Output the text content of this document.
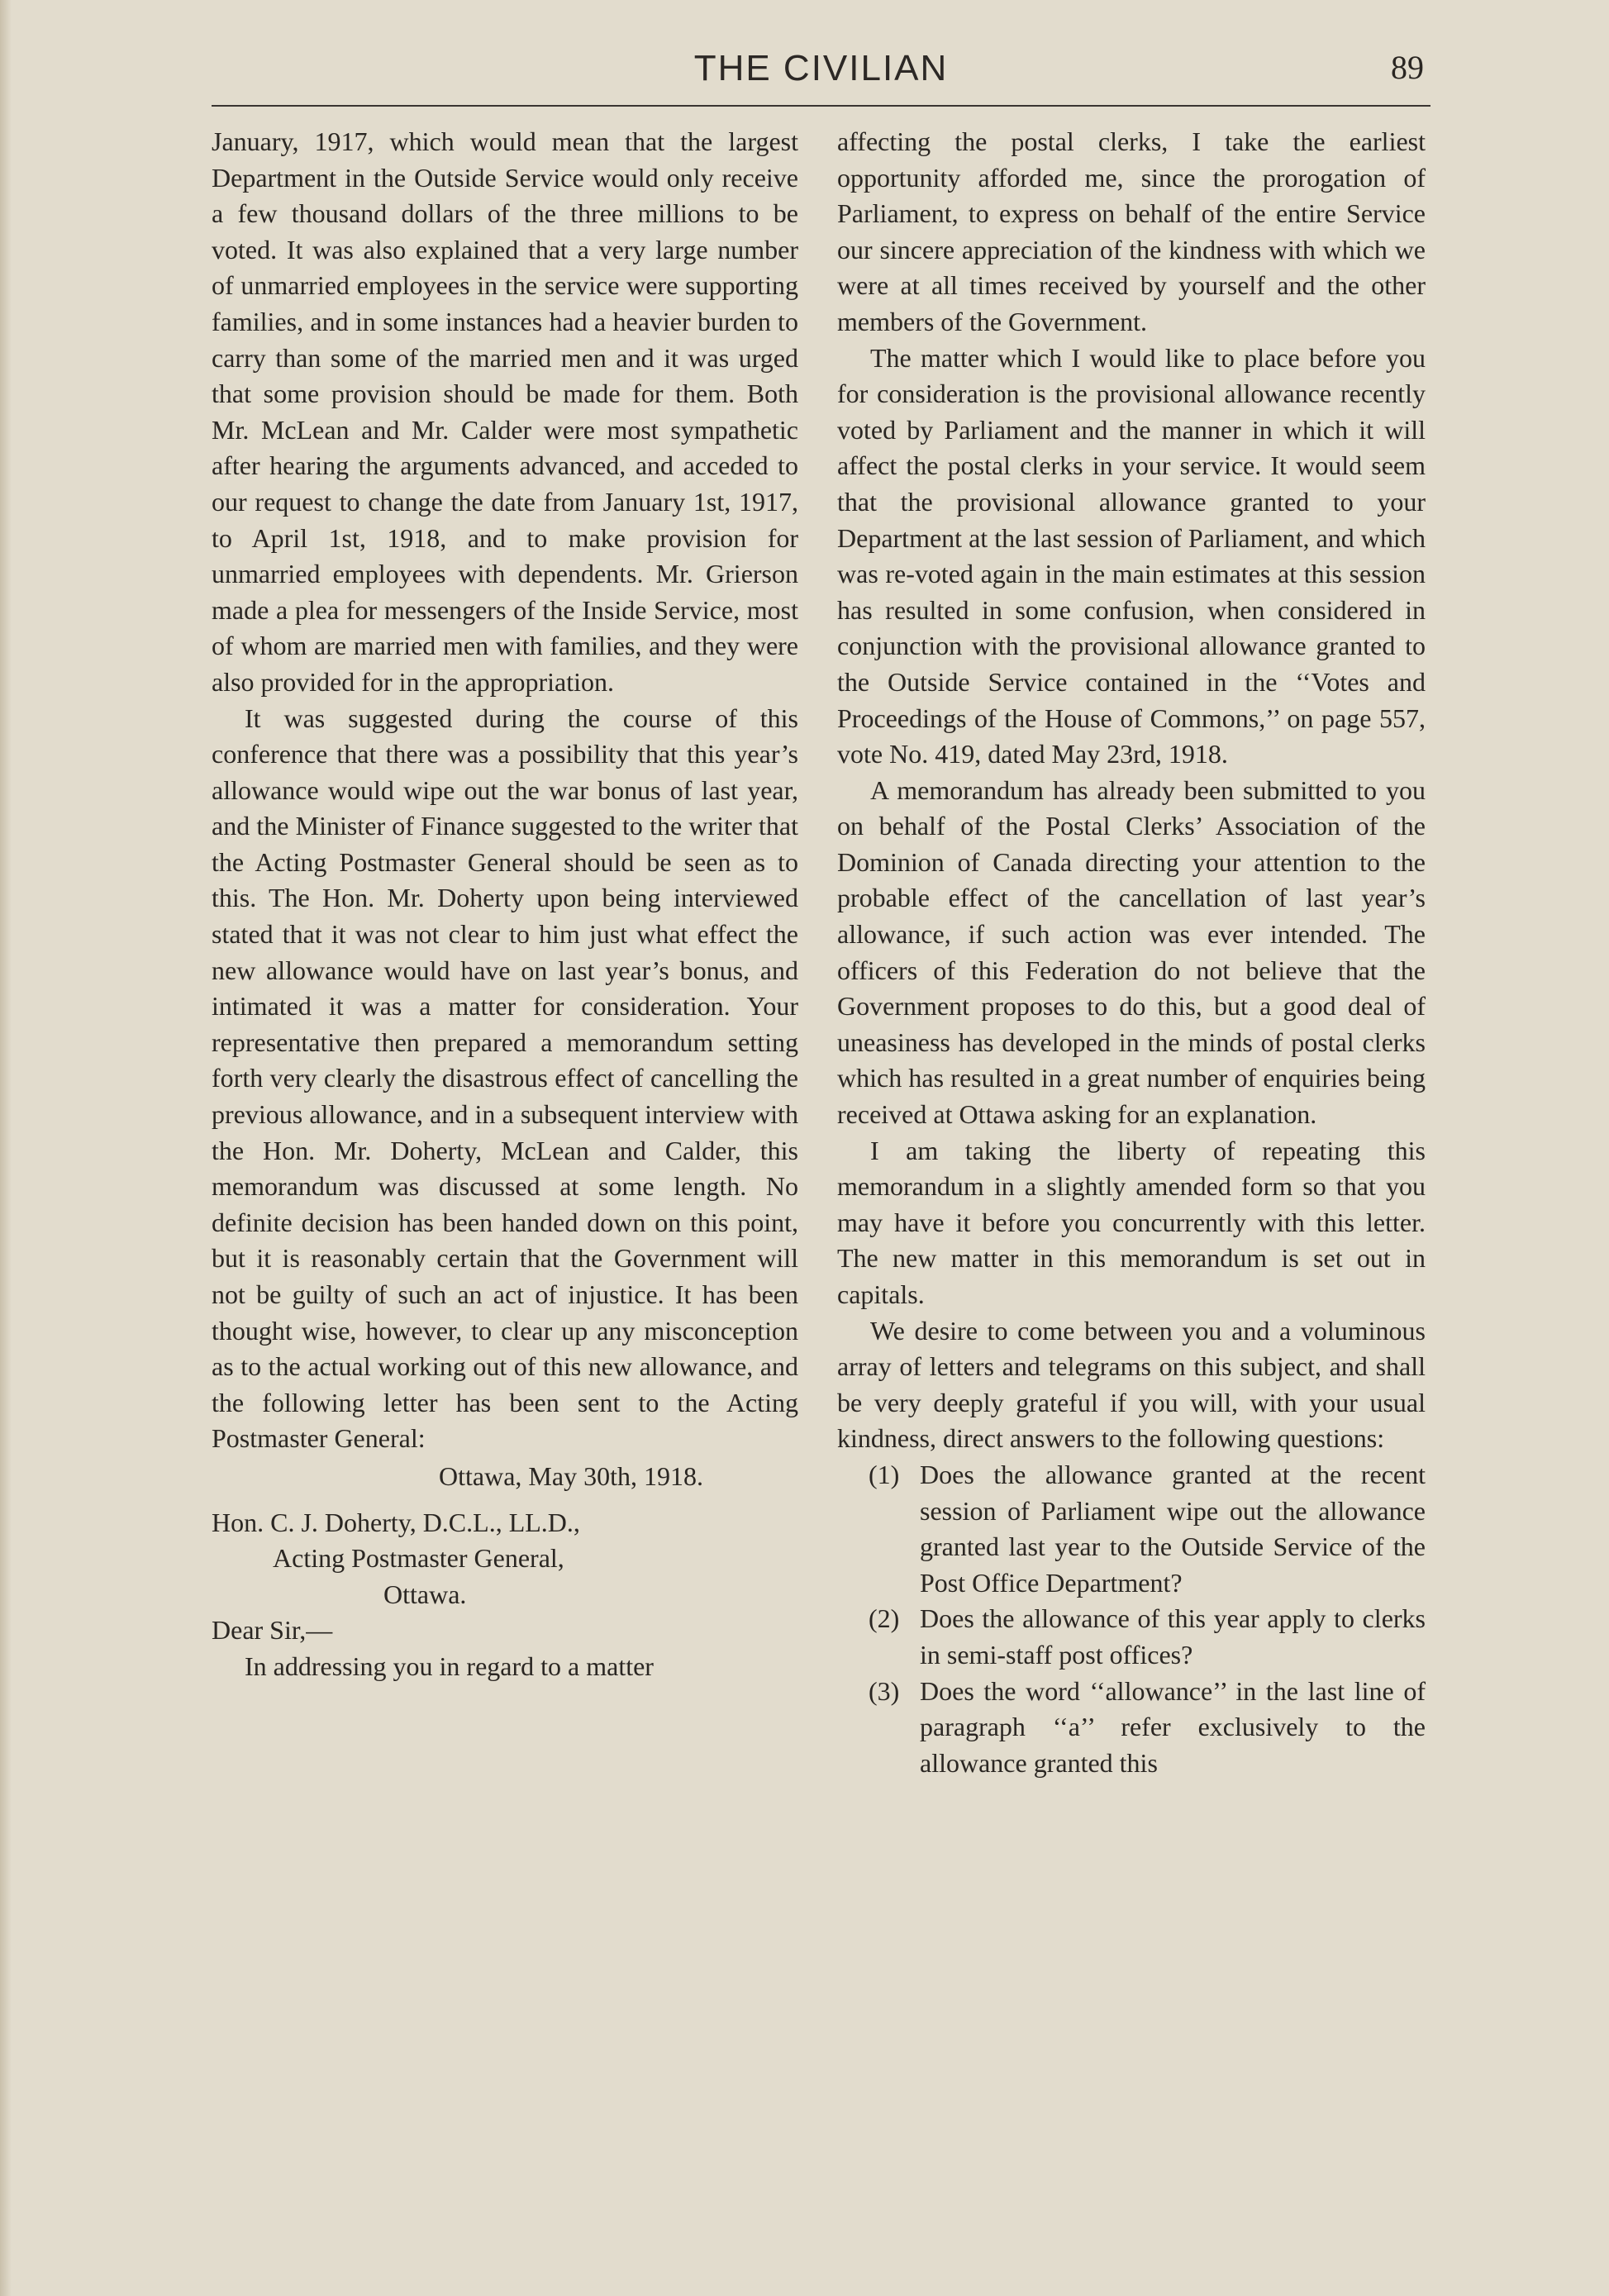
THE CIVILIAN	89

January, 1917, which would mean that the largest Department in the Outside Service would only receive a few thousand dollars of the three millions to be voted. It was also explained that a very large number of unmarried employees in the service were supporting families, and in some instances had a heavier burden to carry than some of the married men and it was urged that some provision should be made for them. Both Mr. McLean and Mr. Calder were most sympathetic after hearing the arguments advanced, and acceded to our request to change the date from January 1st, 1917, to April 1st, 1918, and to make provision for unmarried employees with dependents. Mr. Grierson made a plea for messengers of the Inside Service, most of whom are married men with families, and they were also provided for in the appropriation.

It was suggested during the course of this conference that there was a possibility that this year’s allowance would wipe out the war bonus of last year, and the Minister of Finance suggested to the writer that the Acting Postmaster General should be seen as to this. The Hon. Mr. Doherty upon being interviewed stated that it was not clear to him just what effect the new allowance would have on last year’s bonus, and intimated it was a matter for consideration. Your representative then prepared a memorandum setting forth very clearly the disastrous effect of cancelling the previous allowance, and in a subsequent interview with the Hon. Mr. Doherty, McLean and Calder, this memorandum was discussed at some length. No definite decision has been handed down on this point, but it is reasonably certain that the Government will not be guilty of such an act of injustice. It has been thought wise, however, to clear up any misconception as to the actual working out of this new allowance, and the following letter has been sent to the Acting Postmaster General:

Ottawa, May 30th, 1918.
Hon. C. J. Doherty, D.C.L., LL.D.,
Acting Postmaster General,
Ottawa.
Dear Sir,—

In addressing you in regard to a matter

affecting the postal clerks, I take the earliest opportunity afforded me, since the prorogation of Parliament, to express on behalf of the entire Service our sincere appreciation of the kindness with which we were at all times received by yourself and the other members of the Government.

The matter which I would like to place before you for consideration is the provisional allowance recently voted by Parliament and the manner in which it will affect the postal clerks in your service. It would seem that the provisional allowance granted to your Department at the last session of Parliament, and which was re-voted again in the main estimates at this session has resulted in some confusion, when considered in conjunction with the provisional allowance granted to the Outside Service contained in the ‘‘Votes and Proceedings of the House of Commons,’’ on page 557, vote No. 419, dated May 23rd, 1918.

A memorandum has already been submitted to you on behalf of the Postal Clerks’ Association of the Dominion of Canada directing your attention to the probable effect of the cancellation of last year’s allowance, if such action was ever intended. The officers of this Federation do not believe that the Government proposes to do this, but a good deal of uneasiness has developed in the minds of postal clerks which has resulted in a great number of enquiries being received at Ottawa asking for an explanation.

I am taking the liberty of repeating this memorandum in a slightly amended form so that you may have it before you concurrently with this letter. The new matter in this memorandum is set out in capitals.

We desire to come between you and a voluminous array of letters and telegrams on this subject, and shall be very deeply grateful if you will, with your usual kindness, direct answers to the following questions:

(1) Does the allowance granted at the recent session of Parliament wipe out the allowance granted last year to the Outside Service of the Post Office Department?
(2) Does the allowance of this year apply to clerks in semi-staff post offices?
(3) Does the word ‘‘allowance’’ in the last line of paragraph ‘‘a’’ refer exclusively to the allowance granted this
